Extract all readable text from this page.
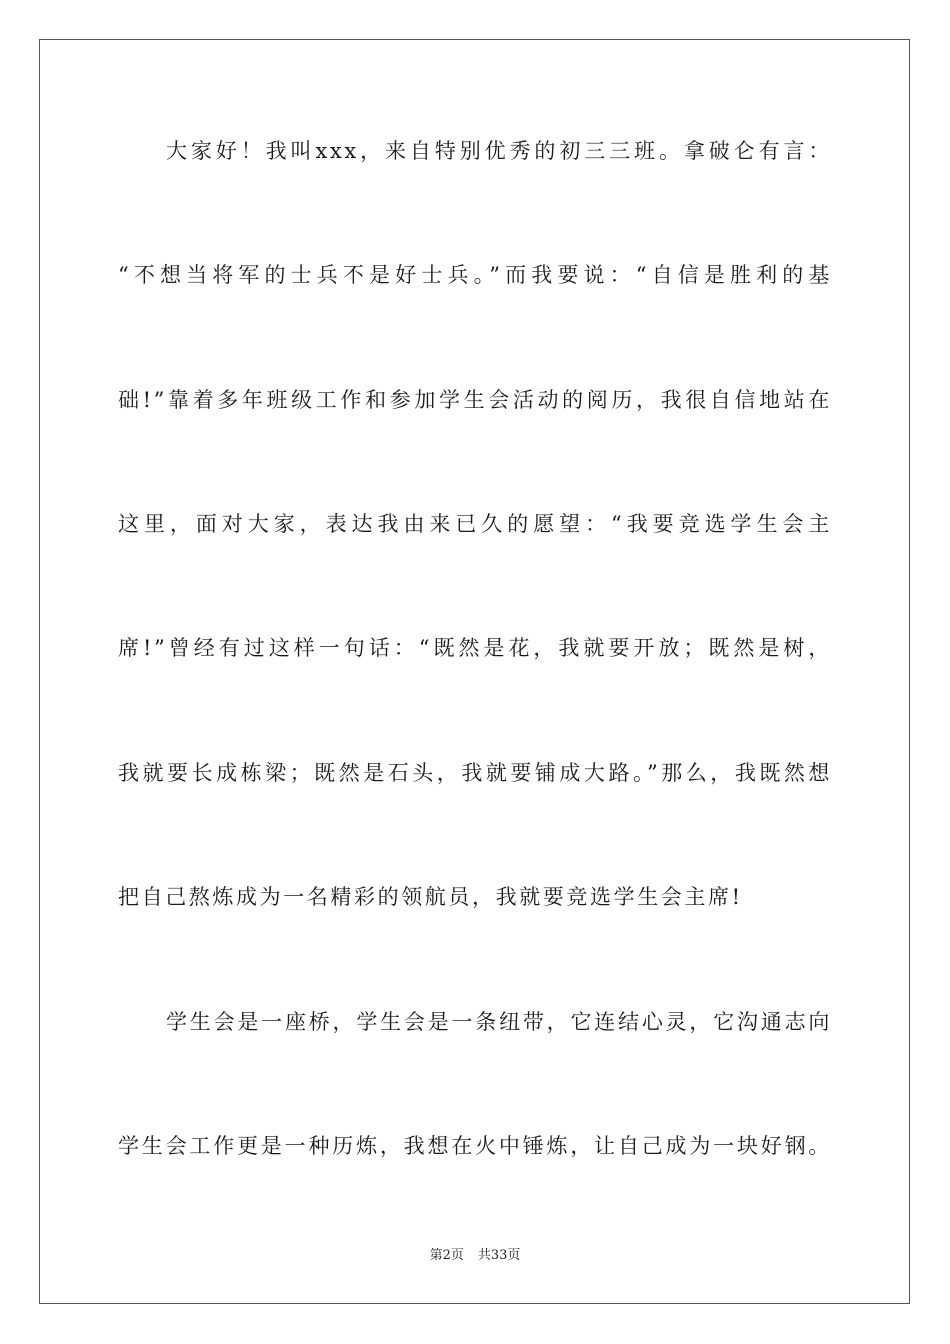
大家好！我叫xxx，来自特别优秀的初三三班。拿破仑有言：
“不想当将军的士兵不是好士兵。”而我要说：“自信是胜利的基
础!”靠着多年班级工作和参加学生会活动的阅历，我很自信地站在
这里，面对大家，表达我由来已久的愿望：“我要竞选学生会主
席!”曾经有过这样一句话：“既然是花，我就要开放；既然是树，
我就要长成栋梁；既然是石头，我就要铺成大路。”那么，我既然想
把自己熬炼成为一名精彩的领航员，我就要竞选学生会主席!
学生会是一座桥，学生会是一条纽带，它连结心灵，它沟通志向
学生会工作更是一种历炼，我想在火中锤炼，让自己成为一块好钢。
第2页 共33页
